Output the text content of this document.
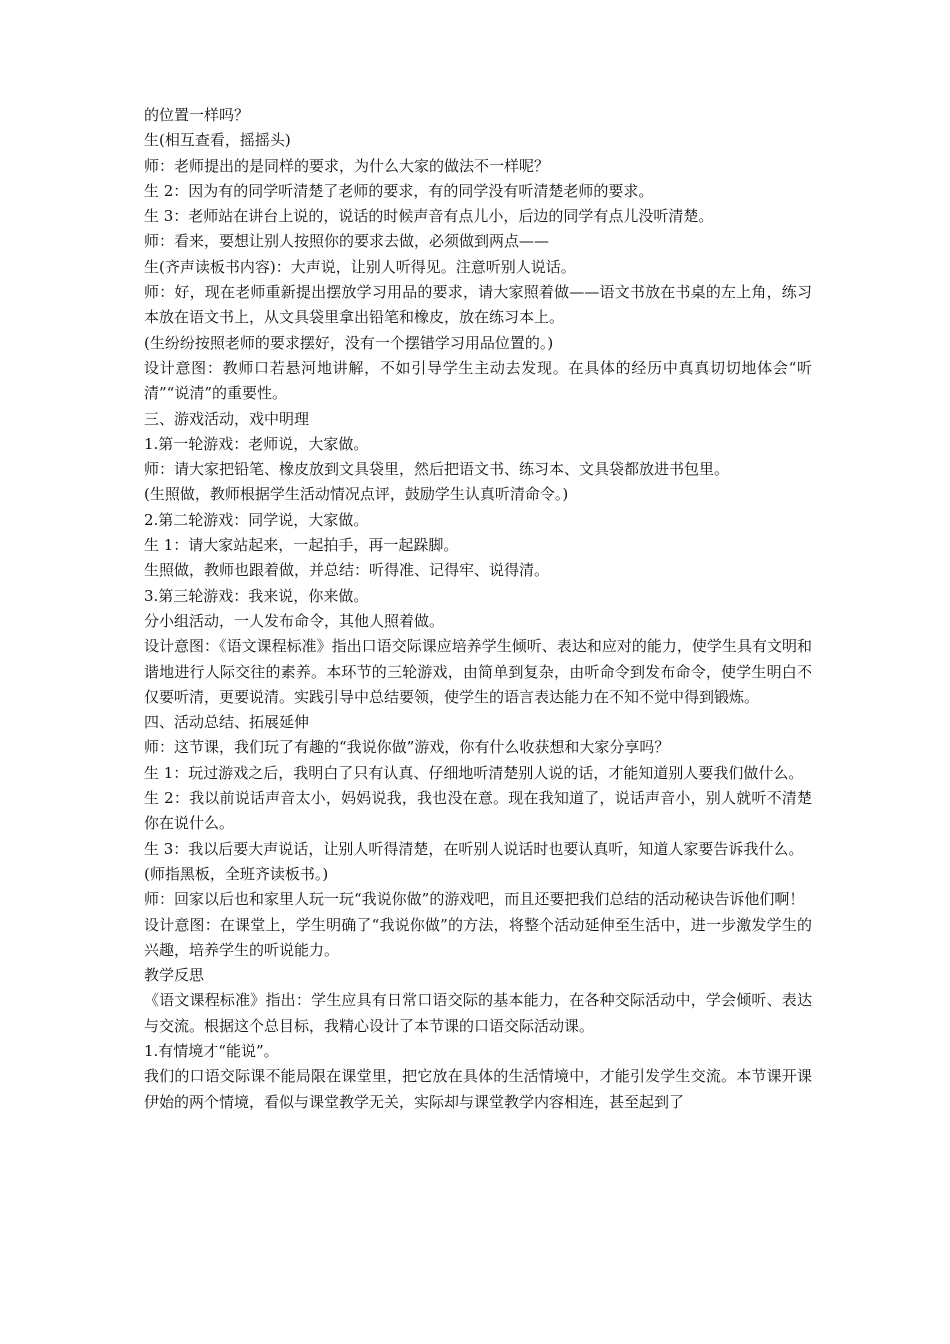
的位置一样吗？

生(相互查看，摇摇头)

师：老师提出的是同样的要求，为什么大家的做法不一样呢？

生 2：因为有的同学听清楚了老师的要求，有的同学没有听清楚老师的要求。

生 3：老师站在讲台上说的，说话的时候声音有点儿小，后边的同学有点儿没听清楚。

师：看来，要想让别人按照你的要求去做，必须做到两点——

生(齐声读板书内容)：大声说，让别人听得见。注意听别人说话。

师：好，现在老师重新提出摆放学习用品的要求，请大家照着做——语文书放在书桌的左上角，练习本放在语文书上，从文具袋里拿出铅笔和橡皮，放在练习本上。

(生纷纷按照老师的要求摆好，没有一个摆错学习用品位置的。)

设计意图：教师口若悬河地讲解，不如引导学生主动去发现。在具体的经历中真真切切地体会“听清”“说清”的重要性。

三、游戏活动，戏中明理

1.第一轮游戏：老师说，大家做。

师：请大家把铅笔、橡皮放到文具袋里，然后把语文书、练习本、文具袋都放进书包里。

(生照做，教师根据学生活动情况点评，鼓励学生认真听清命令。)

2.第二轮游戏：同学说，大家做。

生 1：请大家站起来，一起拍手，再一起跺脚。

生照做，教师也跟着做，并总结：听得准、记得牢、说得清。

3.第三轮游戏：我来说，你来做。

分小组活动，一人发布命令，其他人照着做。

设计意图：《语文课程标准》指出口语交际课应培养学生倾听、表达和应对的能力，使学生具有文明和谐地进行人际交往的素养。本环节的三轮游戏，由简单到复杂，由听命令到发布命令，使学生明白不仅要听清，更要说清。实践引导中总结要领，使学生的语言表达能力在不知不觉中得到锻炼。

四、活动总结、拓展延伸

师：这节课，我们玩了有趣的“我说你做”游戏，你有什么收获想和大家分享吗？

生 1：玩过游戏之后，我明白了只有认真、仔细地听清楚别人说的话，才能知道别人要我们做什么。

生 2：我以前说话声音太小，妈妈说我，我也没在意。现在我知道了，说话声音小，别人就听不清楚你在说什么。

生 3：我以后要大声说话，让别人听得清楚，在听别人说话时也要认真听，知道人家要告诉我什么。

(师指黑板，全班齐读板书。)

师：回家以后也和家里人玩一玩“我说你做”的游戏吧，而且还要把我们总结的活动秘诀告诉他们啊！

设计意图：在课堂上，学生明确了“我说你做”的方法，将整个活动延伸至生活中，进一步激发学生的兴趣，培养学生的听说能力。

教学反思

《语文课程标准》指出：学生应具有日常口语交际的基本能力，在各种交际活动中，学会倾听、表达与交流。根据这个总目标，我精心设计了本节课的口语交际活动课。

1.有情境才“能说”。

我们的口语交际课不能局限在课堂里，把它放在具体的生活情境中，才能引发学生交流。本节课开课伊始的两个情境，看似与课堂教学无关，实际却与课堂教学内容相连，甚至起到了
